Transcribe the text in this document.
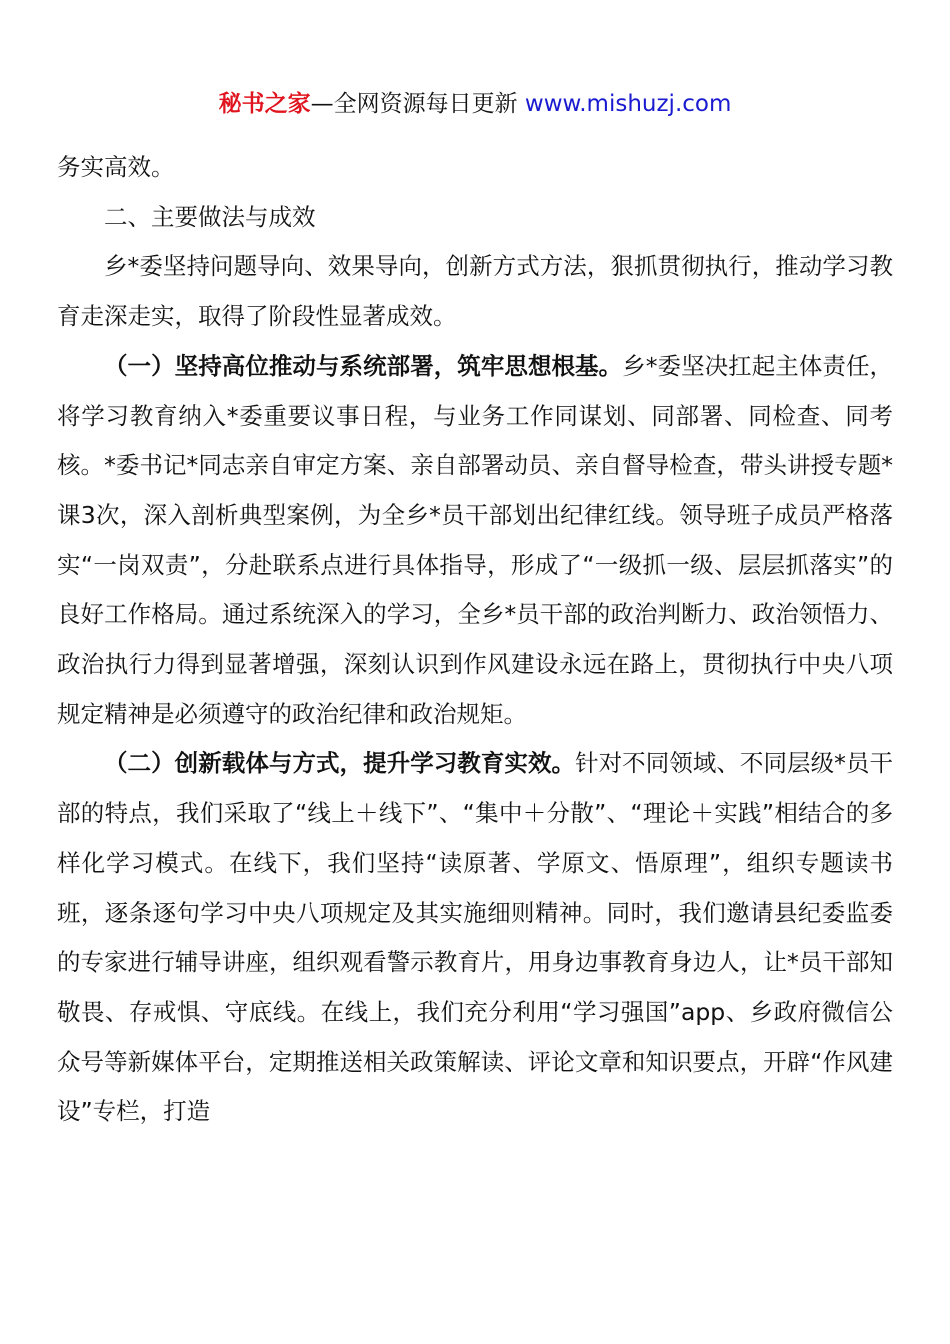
秘书之家—全网资源每日更新 www.mishuzj.com

务实高效。

二、主要做法与成效

乡*委坚持问题导向、效果导向，创新方式方法，狠抓贯彻执行，推动学习教育走深走实，取得了阶段性显著成效。

（一）坚持高位推动与系统部署，筑牢思想根基。乡*委坚决扛起主体责任，将学习教育纳入*委重要议事日程，与业务工作同谋划、同部署、同检查、同考核。*委书记*同志亲自审定方案、亲自部署动员、亲自督导检查，带头讲授专题*课3次，深入剖析典型案例，为全乡*员干部划出纪律红线。领导班子成员严格落实“一岗双责”，分赴联系点进行具体指导，形成了“一级抓一级、层层抓落实”的良好工作格局。通过系统深入的学习，全乡*员干部的政治判断力、政治领悟力、政治执行力得到显著增强，深刻认识到作风建设永远在路上，贯彻执行中央八项规定精神是必须遵守的政治纪律和政治规矩。

（二）创新载体与方式，提升学习教育实效。针对不同领域、不同层级*员干部的特点，我们采取了“线上＋线下”、“集中＋分散”、“理论＋实践”相结合的多样化学习模式。在线下，我们坚持“读原著、学原文、悟原理”，组织专题读书班，逐条逐句学习中央八项规定及其实施细则精神。同时，我们邀请县纪委监委的专家进行辅导讲座，组织观看警示教育片，用身边事教育身边人，让*员干部知敬畏、存戒惧、守底线。在线上，我们充分利用“学习强国”app、乡政府微信公众号等新媒体平台，定期推送相关政策解读、评论文章和知识要点，开辟“作风建设”专栏，打造
